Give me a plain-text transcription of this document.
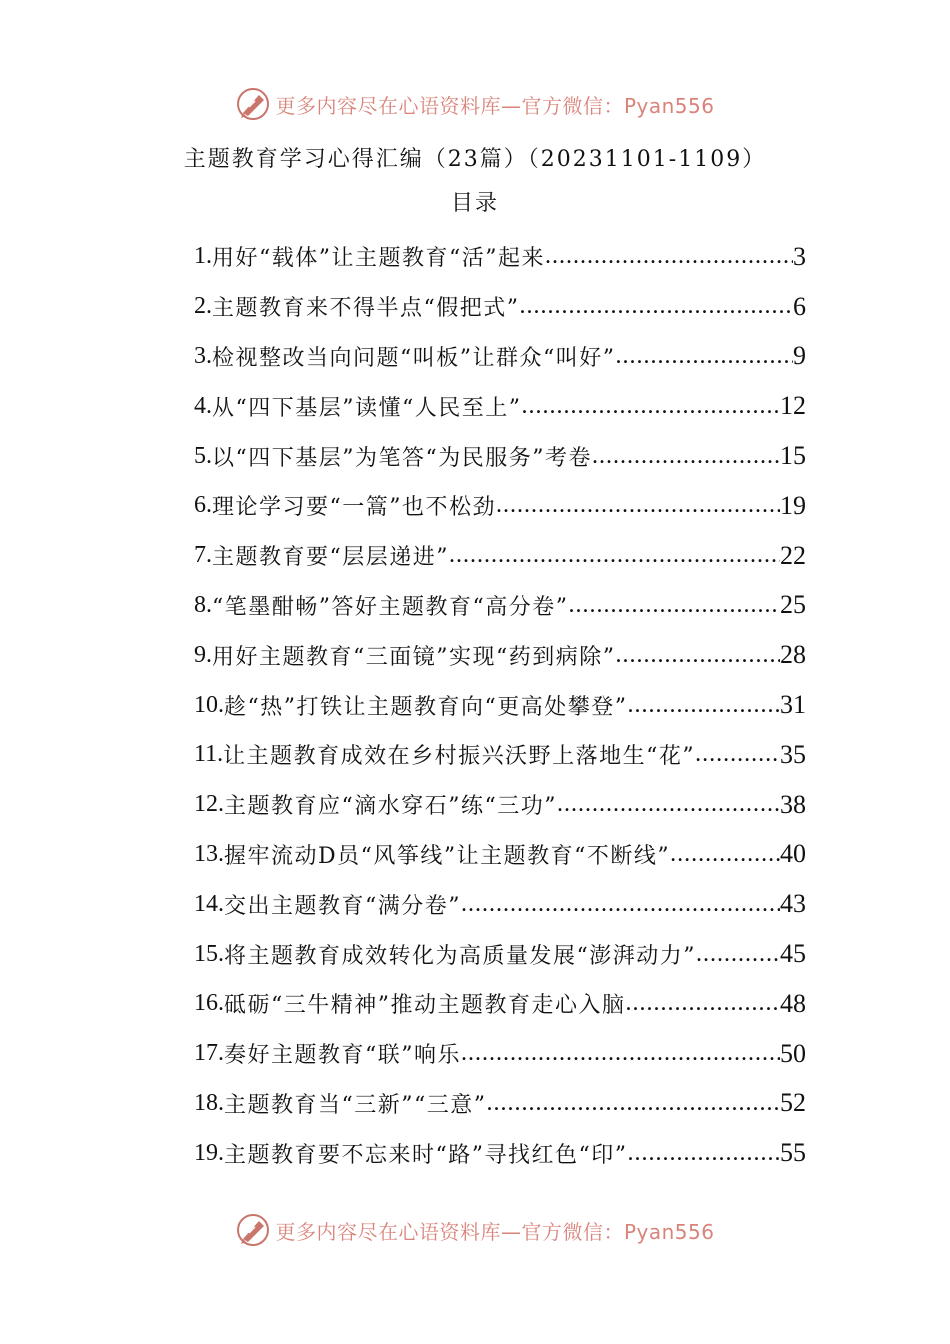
更多内容尽在心语资料库—官方微信：Pyan556
主题教育学习心得汇编（23篇）（20231101-1109）
目录
1. 用好“载体”让主题教育“活”起来 .....	3
2. 主题教育来不得半点“假把式” .....	6
3. 检视整改当向问题“叫板”让群众“叫好” .....	9
4. 从“四下基层”读懂“人民至上” .....	12
5. 以“四下基层”为笔答“为民服务”考卷 .....	15
6. 理论学习要“一篙”也不松劲 .....	19
7. 主题教育要“层层递进” .....	22
8. “笔墨酣畅”答好主题教育“高分卷” .....	25
9. 用好主题教育“三面镜”实现“药到病除” .....	28
10. 趁“热”打铁让主题教育向“更高处攀登” .....	31
11. 让主题教育成效在乡村振兴沃野上落地生“花” .....	35
12. 主题教育应“滴水穿石”练“三功” .....	38
13. 握牢流动D员“风筝线”让主题教育“不断线” .....	40
14. 交出主题教育“满分卷” .....	43
15. 将主题教育成效转化为高质量发展“澎湃动力” .....	45
16. 砥砺“三牛精神”推动主题教育走心入脑 .....	48
17. 奏好主题教育“联”响乐 .....	50
18. 主题教育当“三新”“三意” .....	52
19. 主题教育要不忘来时“路”寻找红色“印” .....	55
更多内容尽在心语资料库—官方微信：Pyan556
